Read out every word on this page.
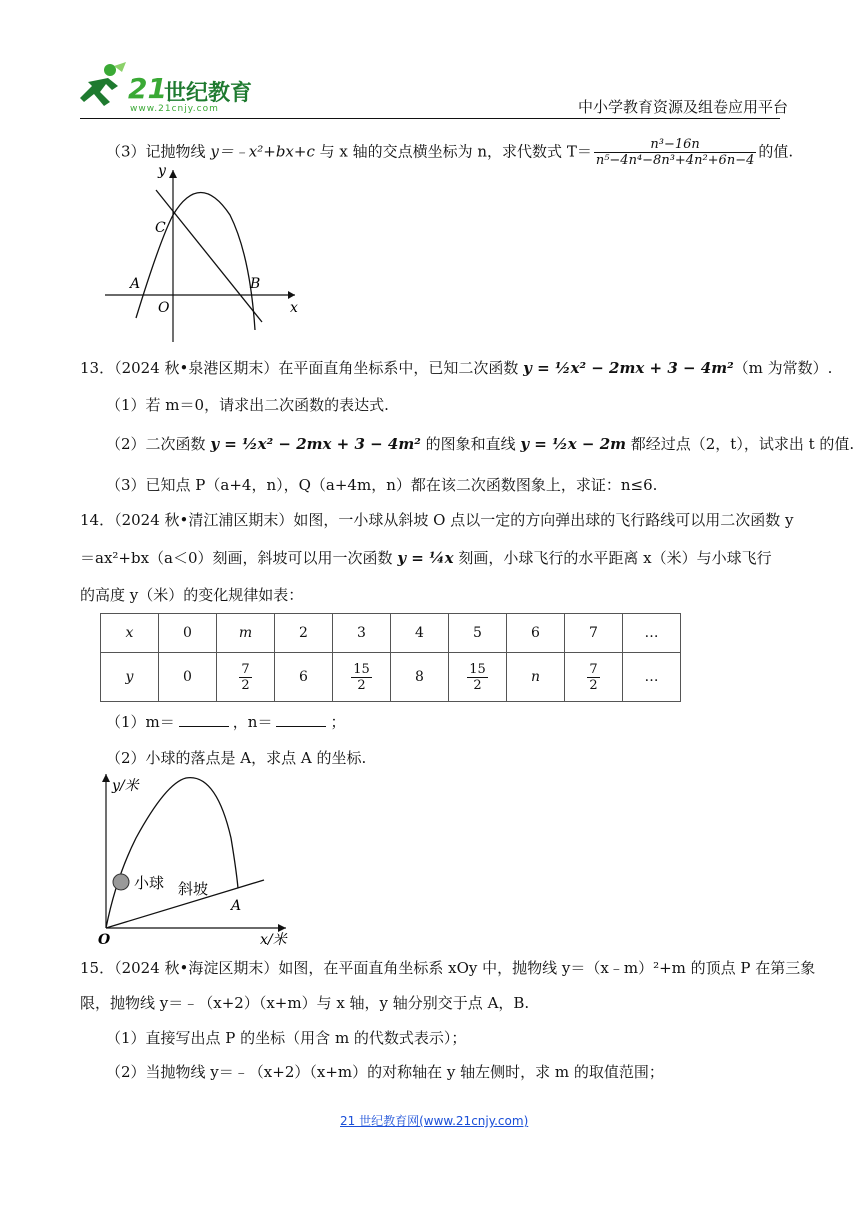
21
世纪教育
www.21cnjy.com	中小学教育资源及组卷应用平台
（3）记抛物线 y＝﹣x²+bx+c 与 x 轴的交点横坐标为 n，求代数式 $T= \frac{\text{n³−16n}}{\text{n⁵−4n⁴−8n³+4n²+6n−4}}$ 的值.
y
x
C
A
O
B
13．（2024 秋•泉港区期末）在平面直角坐标系中，已知二次函数 y = ½x² − 2mx + 3 − 4m²（m 为常数）.
（1）若 m＝0，请求出二次函数的表达式.
（2）二次函数 y = ½x² − 2mx + 3 − 4m² 的图象和直线 y = ½x − 2m 都经过点（2，t），试求出 t 的值.
（3）已知点 P（a+4，n），Q（a+4m，n）都在该二次函数图象上，求证：n≤6.
14．（2024 秋•清江浦区期末）如图，一小球从斜坡 O 点以一定的方向弹出球的飞行路线可以用二次函数 y
＝ax²+bx（a＜0）刻画，斜坡可以用一次函数 y = ¼x 刻画，小球飞行的水平距离 x（米）与小球飞行
的高度 y（米）的变化规律如表：
x	0	m	2	3	4	5	6	7	…
y	0	$\frac{7}{2}$	6	$\frac{15}{2}$	8	$\frac{15}{2}$	n	$\frac{7}{2}$	…
（1）m＝	，n＝	；
（2）小球的落点是 A，求点 A 的坐标.
y/米
x/米
O
小球 斜坡
A
15．（2024 秋•海淀区期末）如图，在平面直角坐标系 xOy 中，抛物线 y＝（x﹣m）²+m 的顶点 P 在第三象
限，抛物线 y＝﹣（x+2）（x+m）与 x 轴，y 轴分别交于点 A，B.
（1）直接写出点 P 的坐标（用含 m 的代数式表示）；
（2）当抛物线 y＝﹣（x+2）（x+m）的对称轴在 y 轴左侧时，求 m 的取值范围；
21 世纪教育网(www.21cnjy.com)
